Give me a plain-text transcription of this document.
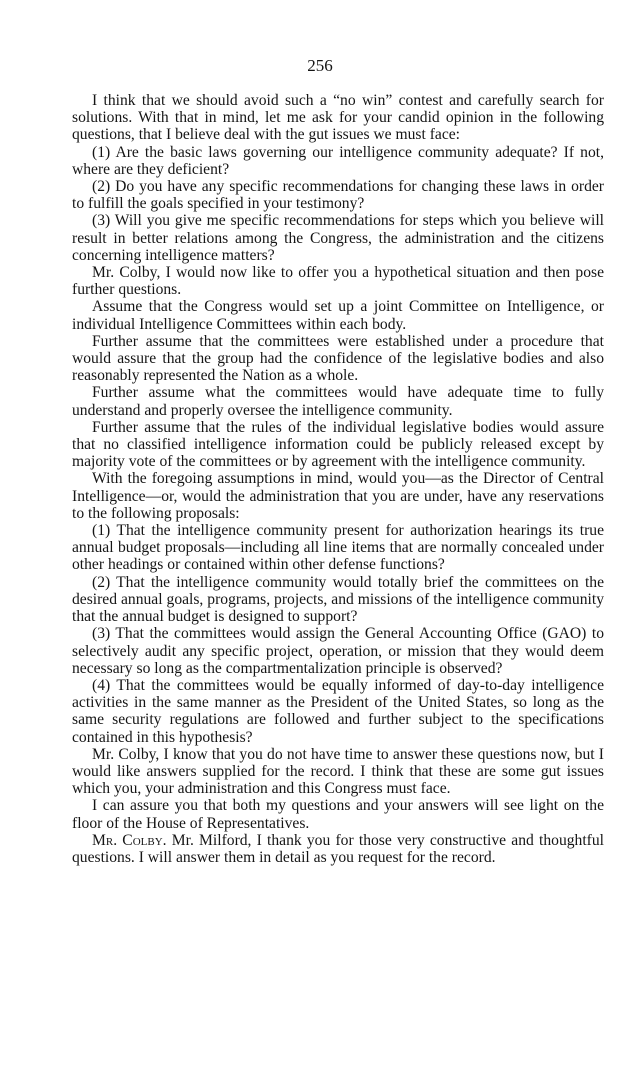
256

I think that we should avoid such a “no win” contest and carefully search for solutions. With that in mind, let me ask for your candid opinion in the following questions, that I believe deal with the gut issues we must face:

(1) Are the basic laws governing our intelligence community adequate? If not, where are they deficient?

(2) Do you have any specific recommendations for changing these laws in order to fulfill the goals specified in your testimony?

(3) Will you give me specific recommendations for steps which you believe will result in better relations among the Congress, the administration and the citizens concerning intelligence matters?

Mr. Colby, I would now like to offer you a hypothetical situation and then pose further questions.

Assume that the Congress would set up a joint Committee on Intelligence, or individual Intelligence Committees within each body.

Further assume that the committees were established under a procedure that would assure that the group had the confidence of the legislative bodies and also reasonably represented the Nation as a whole.

Further assume what the committees would have adequate time to fully understand and properly oversee the intelligence community.

Further assume that the rules of the individual legislative bodies would assure that no classified intelligence information could be publicly released except by majority vote of the committees or by agreement with the intelligence community.

With the foregoing assumptions in mind, would you—as the Director of Central Intelligence—or, would the administration that you are under, have any reservations to the following proposals:

(1) That the intelligence community present for authorization hearings its true annual budget proposals—including all line items that are normally concealed under other headings or contained within other defense functions?

(2) That the intelligence community would totally brief the committees on the desired annual goals, programs, projects, and missions of the intelligence community that the annual budget is designed to support?

(3) That the committees would assign the General Accounting Office (GAO) to selectively audit any specific project, operation, or mission that they would deem necessary so long as the compartmentalization principle is observed?

(4) That the committees would be equally informed of day-to-day intelligence activities in the same manner as the President of the United States, so long as the same security regulations are followed and further subject to the specifications contained in this hypothesis?

Mr. Colby, I know that you do not have time to answer these questions now, but I would like answers supplied for the record. I think that these are some gut issues which you, your administration and this Congress must face.

I can assure you that both my questions and your answers will see light on the floor of the House of Representatives.

Mr. Colby. Mr. Milford, I thank you for those very constructive and thoughtful questions. I will answer them in detail as you request for the record.
